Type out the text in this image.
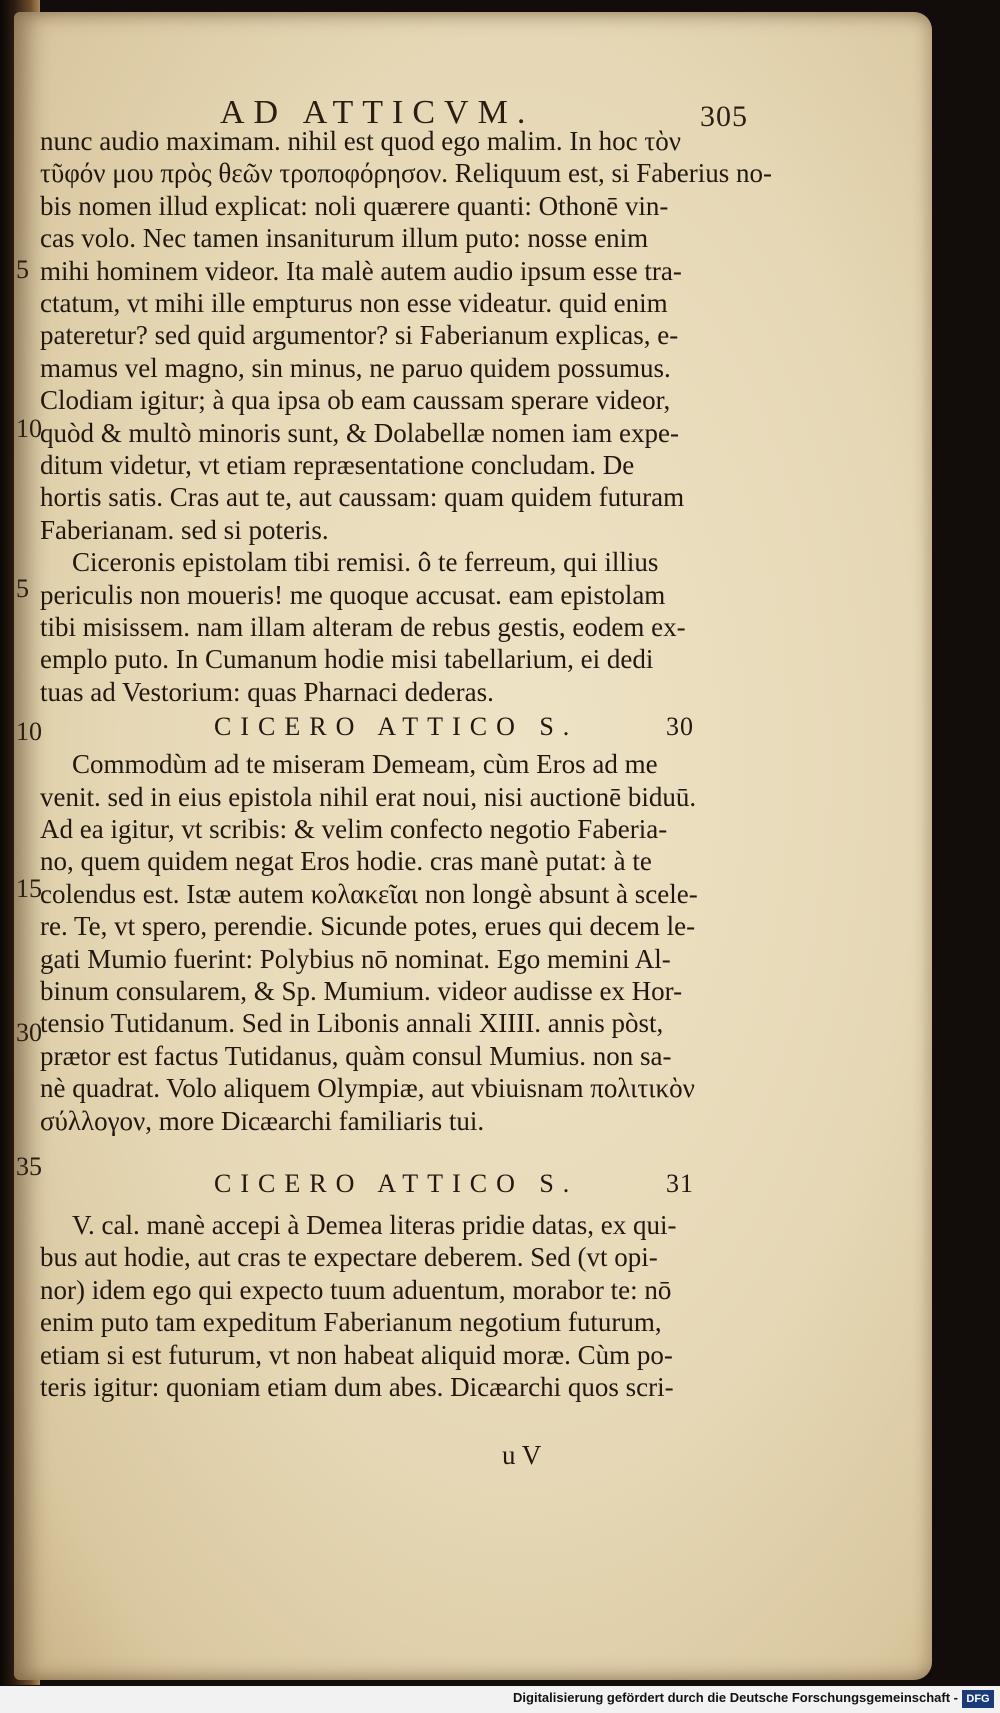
AD ATTICVM.	305
nunc audio maximam. nihil est quod ego malim. In hoc τὸν
τῦφόν μου πρὸς θεῶν τροποφόρησον. Reliquum est, si Faberius no-
bis nomen illud explicat: noli quærere quanti: Othonē vin-
cas volo. Nec tamen insaniturum illum puto: nosse enim
mihi hominem videor. Ita malè autem audio ipsum esse tra-
ctatum, vt mihi ille empturus non esse videatur. quid enim
pateretur? sed quid argumentor? si Faberianum explicas, e-
mamus vel magno, sin minus, ne paruo quidem possumus.
Clodiam igitur; à qua ipsa ob eam caussam sperare videor,
quòd & multò minoris sunt, & Dolabellæ nomen iam expe-
ditum videtur, vt etiam repræsentatione concludam. De
hortis satis. Cras aut te, aut caussam: quam quidem futuram
Faberianam. sed si poteris.
Ciceronis epistolam tibi remisi. ô te ferreum, qui illius
periculis non moueris! me quoque accusat. eam epistolam
tibi misissem. nam illam alteram de rebus gestis, eodem ex-
emplo puto. In Cumanum hodie misi tabellarium, ei dedi
tuas ad Vestorium: quas Pharnaci dederas.
CICERO ATTICO S.	30
Commodùm ad te miseram Demeam, cùm Eros ad me
venit. sed in eius epistola nihil erat noui, nisi auctionē biduū.
Ad ea igitur, vt scribis: & velim confecto negotio Faberia-
no, quem quidem negat Eros hodie. cras manè putat: à te
colendus est. Istæ autem κολακεῖαι non longè absunt à scele-
re. Te, vt spero, perendie. Sicunde potes, erues qui decem le-
gati Mumio fuerint: Polybius nō nominat. Ego memini Al-
binum consularem, & Sp. Mumium. videor audisse ex Hor-
tensio Tutidanum. Sed in Libonis annali XIIII. annis pòst,
prætor est factus Tutidanus, quàm consul Mumius. non sa-
nè quadrat. Volo aliquem Olympiæ, aut vbiuisnam πολιτικὸν
σύλλογον, more Dicæarchi familiaris tui.
CICERO ATTICO S.	31
V. cal. manè accepi à Demea literas pridie datas, ex qui-
bus aut hodie, aut cras te expectare deberem. Sed (vt opi-
nor) idem ego qui expecto tuum aduentum, morabor te: nō
enim puto tam expeditum Faberianum negotium futurum,
etiam si est futurum, vt non habeat aliquid moræ. Cùm po-
teris igitur: quoniam etiam dum abes. Dicæarchi quos scri-
5
10
5
10
15
30
35
u V
Digitalisierung gefördert durch die Deutsche Forschungsgemeinschaft - DFG
